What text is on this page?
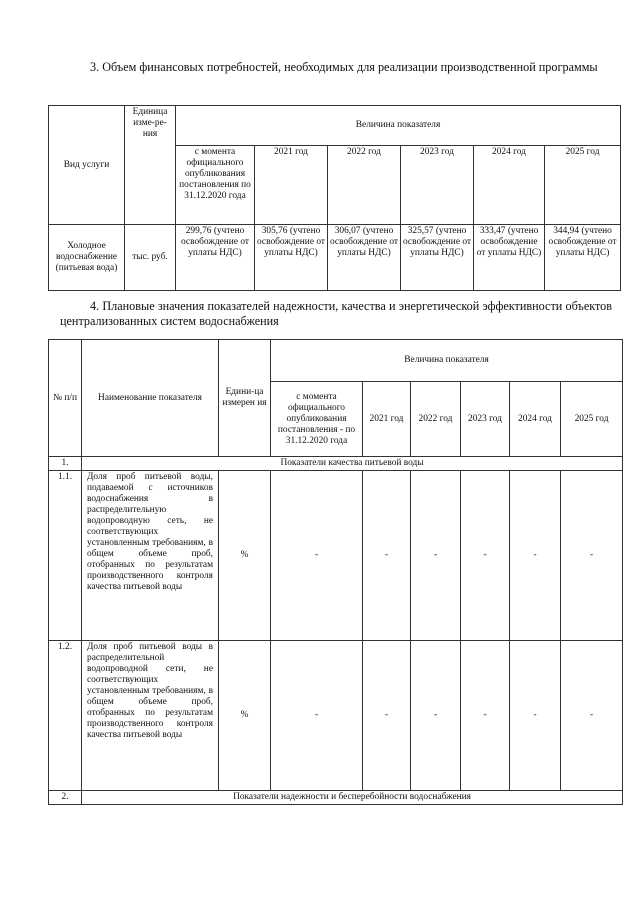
3. Объем финансовых потребностей, необходимых для реализации производственной программы
Вид услуги	Единица изме-ре-ния	Величина показателя					
		с момента официального опубликования постановления по 31.12.2020 года	2021 год	2022 год	2023 год	2024 год	2025 год
Холодное водоснабжение (питьевая вода)	тыс. руб.	299,76 (учтено освобождение от уплаты НДС)	305,76 (учтено освобождение от уплаты НДС)	306,07 (учтено освобождение от уплаты НДС)	325,57 (учтено освобождение от уплаты НДС)	333,47 (учтено освобождение от уплаты НДС)	344,94 (учтено освобождение от уплаты НДС)
4. Плановые значения показателей надежности, качества и энергетической эффективности объектов централизованных систем водоснабжения
№ п/п	Наименование показателя	Едини-ца измерен ия	Величина показателя					
			с момента официального опубликования постановления - по 31.12.2020 года	2021 год	2022 год	2023 год	2024 год	2025 год
1.	Показатели качества питьевой воды							
1.1.	Доля проб питьевой воды, подаваемой с источников водоснабжения в распределительную водопроводную сеть, не соответствующих установленным требованиям, в общем объеме проб, отобранных по результатам производственного контроля качества питьевой воды	%	-	-	-	-	-	-
1.2.	Доля проб питьевой воды в распределительной водопроводной сети, не соответствующих установленным требованиям, в общем объеме проб, отобранных по результатам производственного контроля качества питьевой воды	%	-	-	-	-	-	-
2.	Показатели надежности и бесперебойности водоснабжения							
